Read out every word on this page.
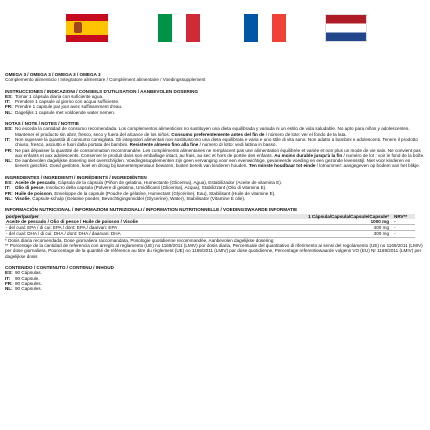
OMEGA 3 / OMEGA 3 / OMEGA 3 / OMEGA 3

Complemento alimenticio / Integratore alimentare / Complément alimentaire / Voedingssupplement

INSTRUCCIONES / INDICAZIONI / CONSEILS D'UTILISATION / AANBEVOLEN DOSERING

ES: Tomar 1 cápsula diaria con suficiente agua.
IT:	Prendere 1 capsule al giorno con acqua sufficiente.
FR: Prendre 1 capsule par jour avec suffisamment d'eau.
NL: Dagelijks 1 capsule met voldoende water nemen.

NOTAS / NOTE / NOTES / NOTITIE

ES: No exceda la cantidad de consumo recomendada. Los complementos alimenticios no sustituyen una dieta equilibrada y variada ni un estilo de vida saludable. No apto para niños y adolescentes. Mantener el producto sin abrir, fresco, seco y fuera del alcance de los niños. Consumo preferentemente antes del fin de / número de lote: ver el fondo de la lata.
IT:	Non superare la quantità di consumo consigliata. Gli integratori alimentari non sostituiscono una dieta equilibrata e varia e uno stile di vita sano. Non adatto a bambini e adolescenti. Tenere il prodotto chiuso, fresco, asciutto e fuori dalla portata dei bambini. Resistente almeno fino alla fine / numero di lotto: vedi lattina in basso.
FR: Ne pas dépasser la quantité de consommation recommandée. Les compléments alimentaires ne remplacent pas une alimentation équilibrée et variée et non plus un mode de vie sain. Ne convient pas aux enfants et aux adolescents. Conserver le produit dans son emballage intact, au frais, au sec et hors de portée des enfants. Au moins durable jusqu'à la fin / numéro de lot : voir le fond de la boîte.
NL: De aanbevolen dagelijkse dosering niet overschrijden. Voedingssupplementen zijn geen vervanging voor een evenwichtige, gevarieerde voeding en een gezonde levensstijl. Niet voor kinderen en tieners geschikt. Goed gesloten, koel en droog bij kamertemperatuur bewaren, buiten bereik van kinderen houden. Ten minste houdbaar tot einde / lotnummer: aangegeven op bodem van het blikje.

INGREDIENTES / INGREDIENTI / INGRÉDIENTS / INGREDIËNTEN

ES: Aceite de pescado, Cápsula de la cápsula (Piñon de gelatina, Humectante (Glicerina), Agua), Estabilizador (Aceite de vitamina E).
IT:	Olio di pesce, Involucro della capsula (Polvere di gelatina, Umidificanti (Glicerina), Acqua), Stabilizzant (Olio di vitamina E).
FR: Huile de poisson, Enveloppe de la capsule (Poudre de gélatine, Humectant (Glycérine), Eau), Stabilisant (Huile de vitamine E).
NL: Visolie, Capsule-schulp (Gelatine poeder, Bevochtigingsmiddel (Glycerine), Water), Stabilisator (Vitamine E olie).

INFORMACIÓN NUTRICIONAL / INFORMAZIONI NUTRIZIONALI / INFORMATION NUTRITIONNELLE / VOEDINGSWAARDE INFORMATIE

por/per/par/per	1 Cápsula/Capsula/Capsule/Capsule*	NRV**
Aceite de pescado / Olio di pesce / Huile de poisson / Visolie	1000 mg	-
- del cual: EPA / di cui: EPA / dont: EPA / daarvan: EPA	400 mg	-
- del cual: DHA / di cui: DHA / dont: DHA / daarvan: DHA	300 mg	-

* Dosis diaria recomendada, Dose giornaliera raccomandata, Posologie quotidienne recommandée, Aanbevolen dagelijkse dosering

** Porcentaje de la cantidad de referencia con arreglo al reglamento (UE) no 1169/2011 (LMIV) por dosis diaria, Percentuale del quantitativo di riferimento ai sensi del regolamento (UE) no 1169/2011 (LMIV) per dose giornaliera, Pourcentage de la quantité de référence au titre du règlement (UE) no 1169/2011 (LMIV) par dose quotidienne, Percentage referentiewaarde volgens VO (EU) Nr 1169/2011 (LMIV) per dagelijkse dosis

CONTENIDO / CONTENUTO / CONTENU / INHOUD

ES: 90 Cápsulas.
IT:	90 Capsule.
FR: 90 Capsules.
NL: 90 Capsules.
